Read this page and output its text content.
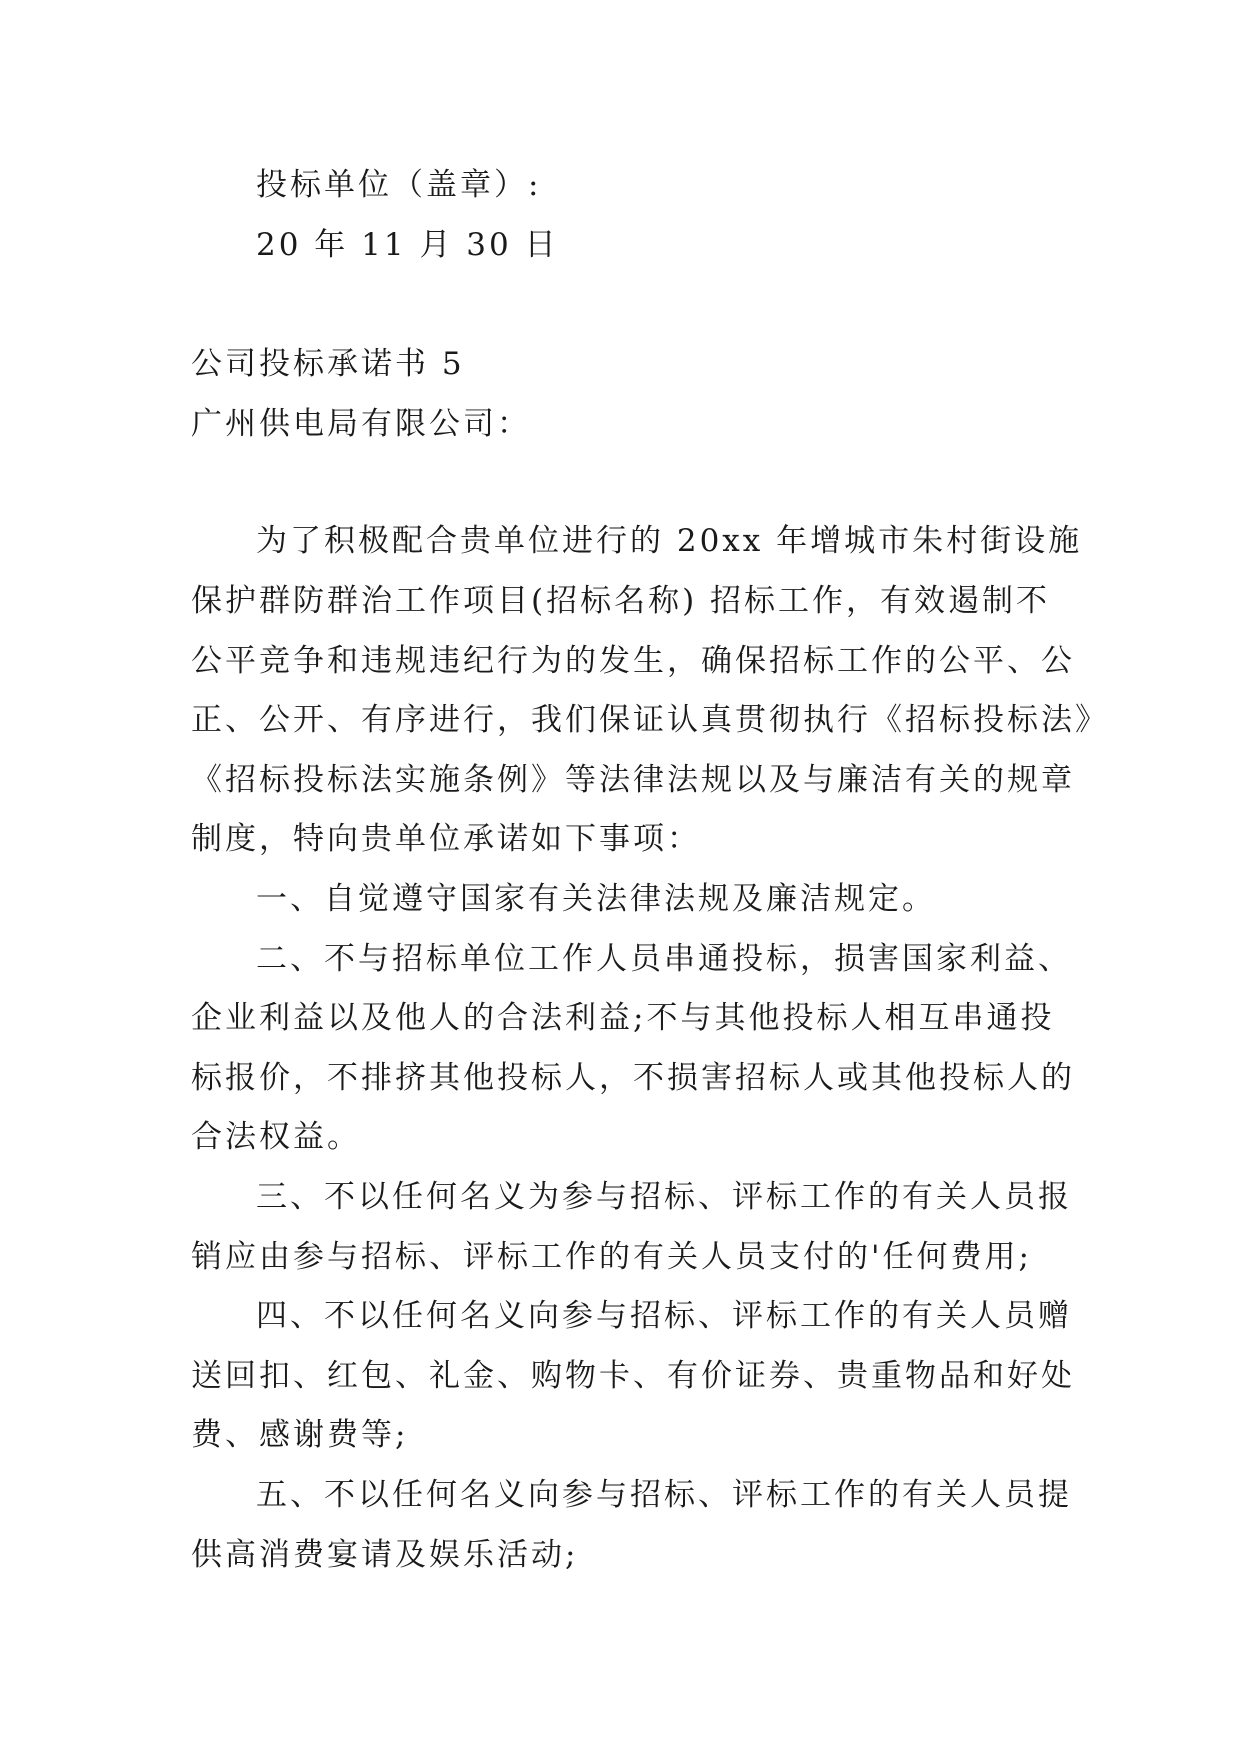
投标单位（盖章）:

20 年 11 月 30 日

公司投标承诺书 5

广州供电局有限公司：

为了积极配合贵单位进行的 20xx 年增城市朱村街设施

保护群防群治工作项目(招标名称) 招标工作，有效遏制不

公平竞争和违规违纪行为的发生，确保招标工作的公平、公

正、公开、有序进行，我们保证认真贯彻执行《招标投标法》

《招标投标法实施条例》等法律法规以及与廉洁有关的规章

制度，特向贵单位承诺如下事项：

一、自觉遵守国家有关法律法规及廉洁规定。

二、不与招标单位工作人员串通投标，损害国家利益、

企业利益以及他人的合法利益;不与其他投标人相互串通投

标报价，不排挤其他投标人，不损害招标人或其他投标人的

合法权益。

三、不以任何名义为参与招标、评标工作的有关人员报

销应由参与招标、评标工作的有关人员支付的'任何费用;

四、不以任何名义向参与招标、评标工作的有关人员赠

送回扣、红包、礼金、购物卡、有价证券、贵重物品和好处

费、感谢费等;

五、不以任何名义向参与招标、评标工作的有关人员提

供高消费宴请及娱乐活动;
